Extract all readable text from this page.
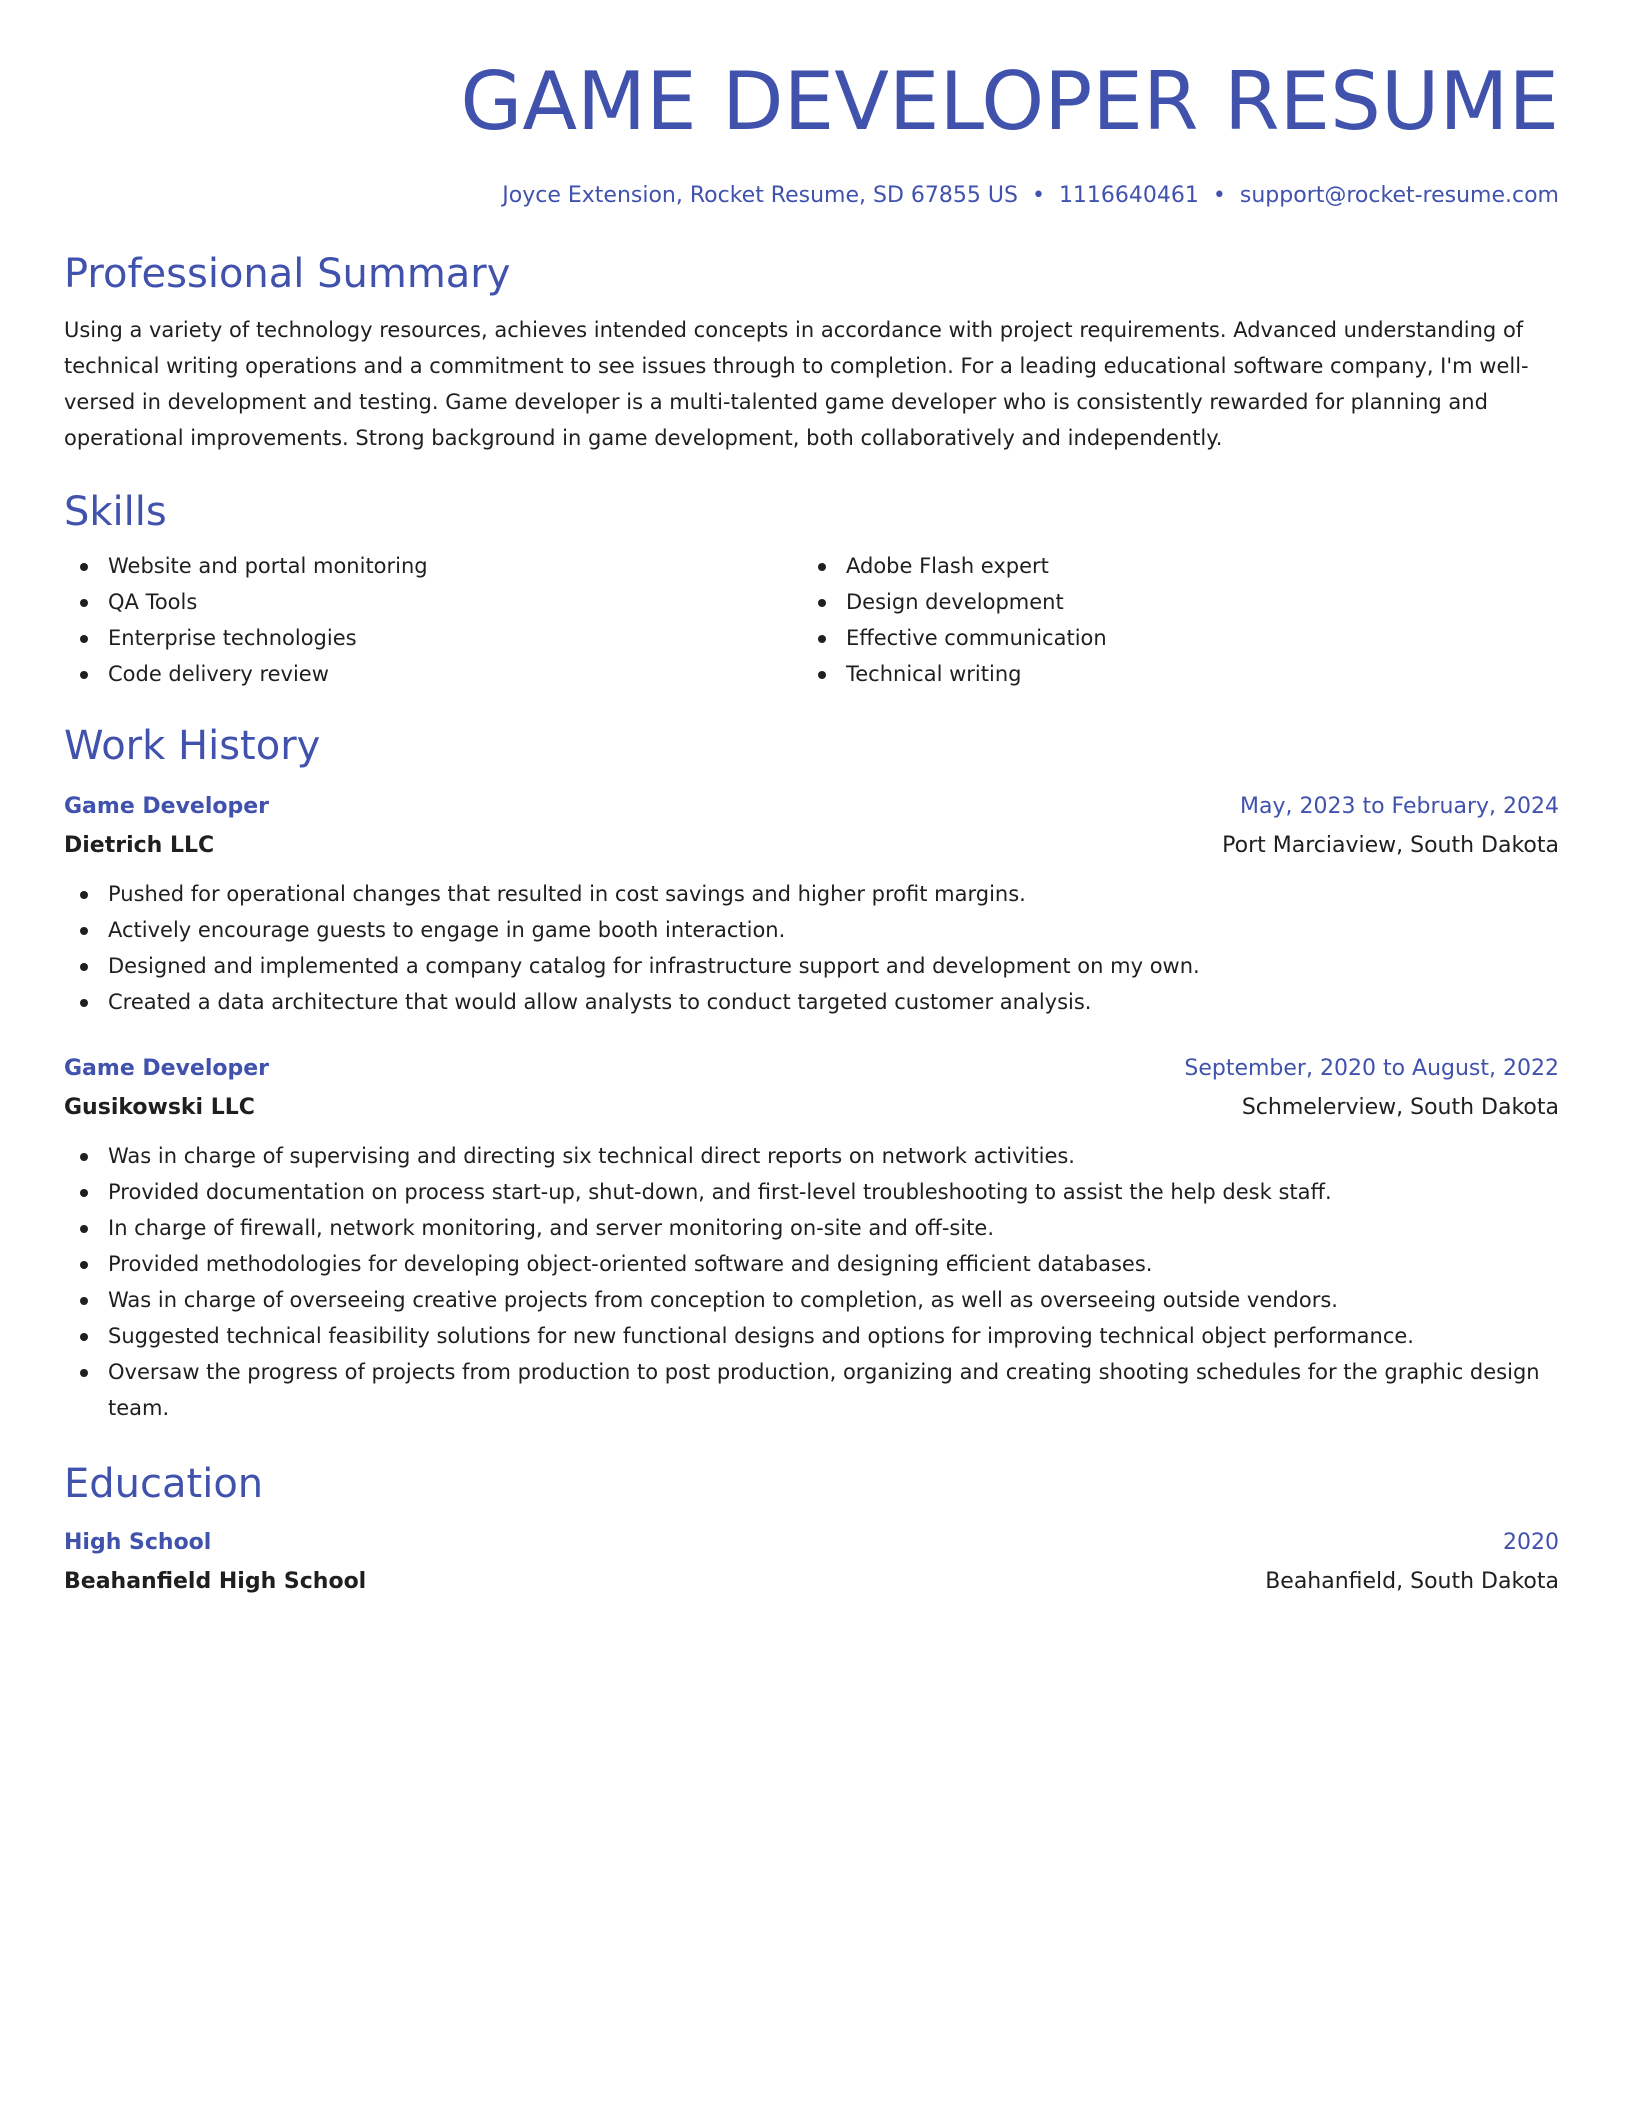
GAME DEVELOPER RESUME
Joyce Extension, Rocket Resume, SD 67855 US • 1116640461 • support@rocket-resume.com
Professional Summary
Using a variety of technology resources, achieves intended concepts in accordance with project requirements. Advanced understanding of technical writing operations and a commitment to see issues through to completion. For a leading educational software company, I'm well-versed in development and testing. Game developer is a multi-talented game developer who is consistently rewarded for planning and operational improvements. Strong background in game development, both collaboratively and independently.
Skills
Website and portal monitoring
QA Tools
Enterprise technologies
Code delivery review
Adobe Flash expert
Design development
Effective communication
Technical writing
Work History
Game Developer	May, 2023 to February, 2024
Dietrich LLC	Port Marciaview, South Dakota
Pushed for operational changes that resulted in cost savings and higher profit margins.
Actively encourage guests to engage in game booth interaction.
Designed and implemented a company catalog for infrastructure support and development on my own.
Created a data architecture that would allow analysts to conduct targeted customer analysis.
Game Developer	September, 2020 to August, 2022
Gusikowski LLC	Schmelerview, South Dakota
Was in charge of supervising and directing six technical direct reports on network activities.
Provided documentation on process start-up, shut-down, and first-level troubleshooting to assist the help desk staff.
In charge of firewall, network monitoring, and server monitoring on-site and off-site.
Provided methodologies for developing object-oriented software and designing efficient databases.
Was in charge of overseeing creative projects from conception to completion, as well as overseeing outside vendors.
Suggested technical feasibility solutions for new functional designs and options for improving technical object performance.
Oversaw the progress of projects from production to post production, organizing and creating shooting schedules for the graphic design team.
Education
High School	2020
Beahanfield High School	Beahanfield, South Dakota
